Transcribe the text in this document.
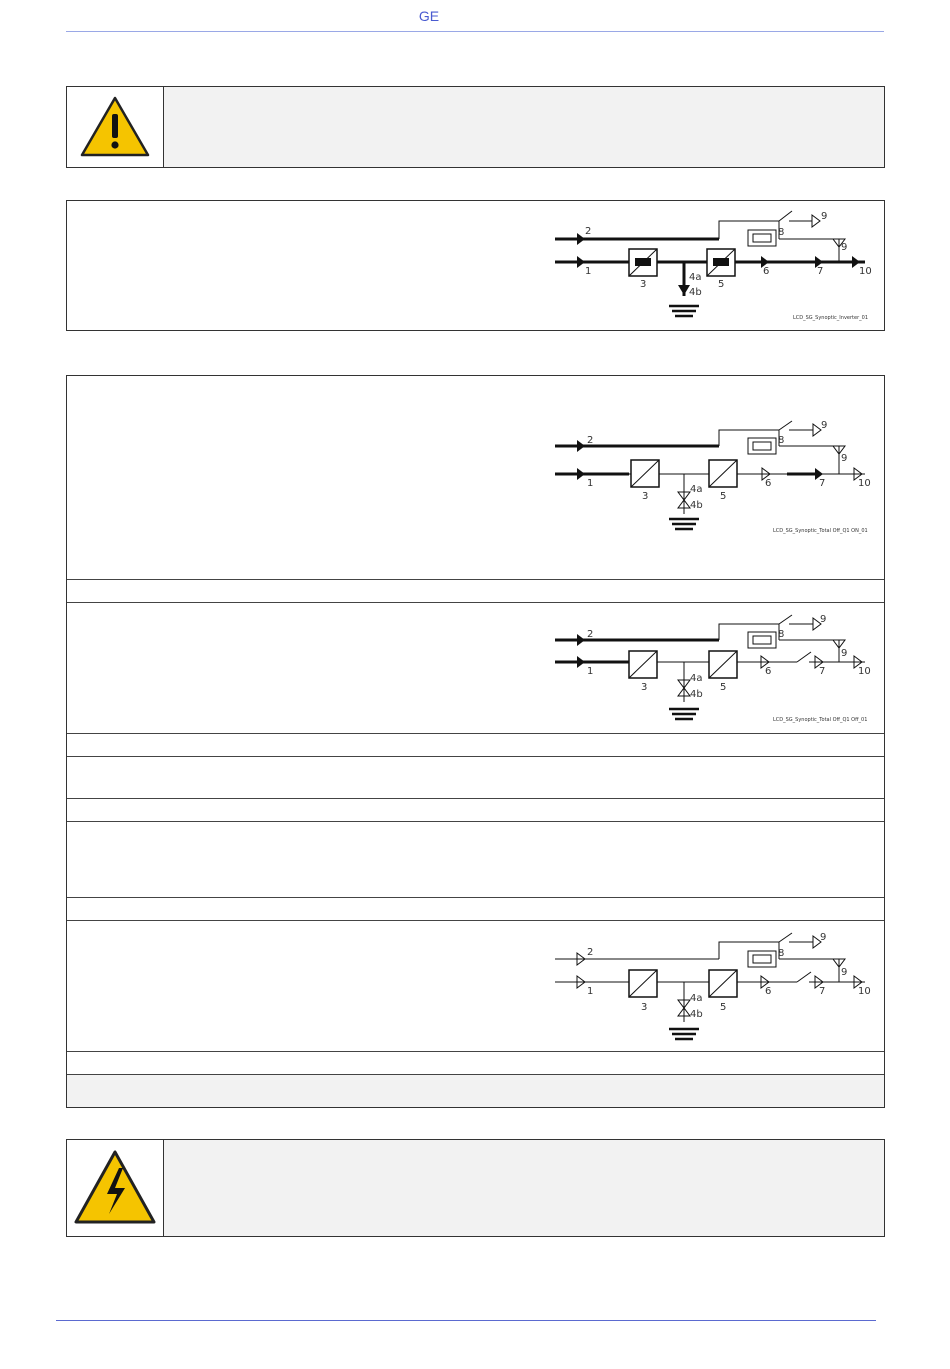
GE
2
1
3
4a
4b
5
6	7
8
9
9
10
LCD_SG_Synoptic_Inverter_01
2
1
3
4a
4b
5
6	7
8
9
9
10
LCD_SG_Synoptic_Total Off_Q1 ON_01
2
1
3
4a
4b
5
6	7
8
9
9
10
LCD_SG_Synoptic_Total Off_Q1 Off_01
2
1
3
4a
4b
5
6	7
8
9
9
10
